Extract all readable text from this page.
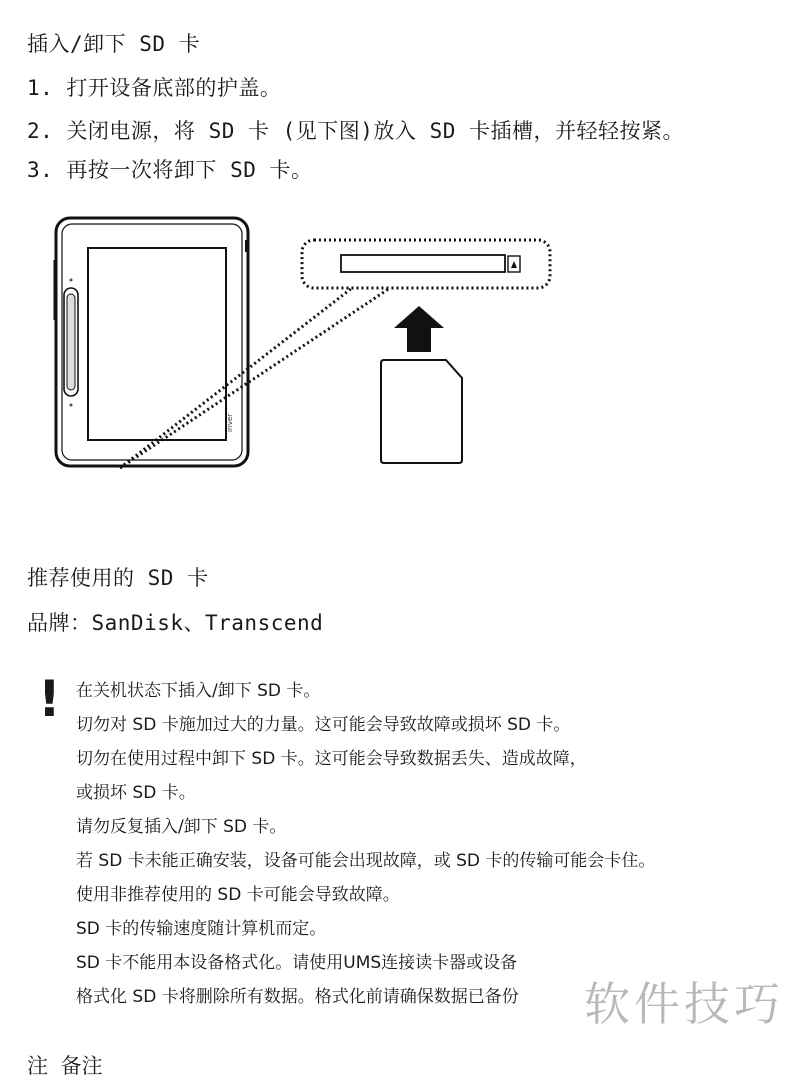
插入/卸下 SD 卡
1. 打开设备底部的护盖。
2. 关闭电源，将 SD 卡 (见下图)放入 SD 卡插槽，并轻轻按紧。
3. 再按一次将卸下 SD 卡。
iriver
推荐使用的 SD 卡
品牌：SanDisk、Transcend
! 在关机状态下插入/卸下 SD 卡。
切勿对 SD 卡施加过大的力量。这可能会导致故障或损坏 SD 卡。
切勿在使用过程中卸下 SD 卡。这可能会导致数据丢失、造成故障，
或损坏 SD 卡。
请勿反复插入/卸下 SD 卡。
若 SD 卡未能正确安装，设备可能会出现故障，或 SD 卡的传输可能会卡住。
使用非推荐使用的 SD 卡可能会导致故障。
SD 卡的传输速度随计算机而定。
SD 卡不能用本设备格式化。请使用UMS连接读卡器或设备
格式化 SD 卡将删除所有数据。格式化前请确保数据已备份	软件技巧
注 备注
